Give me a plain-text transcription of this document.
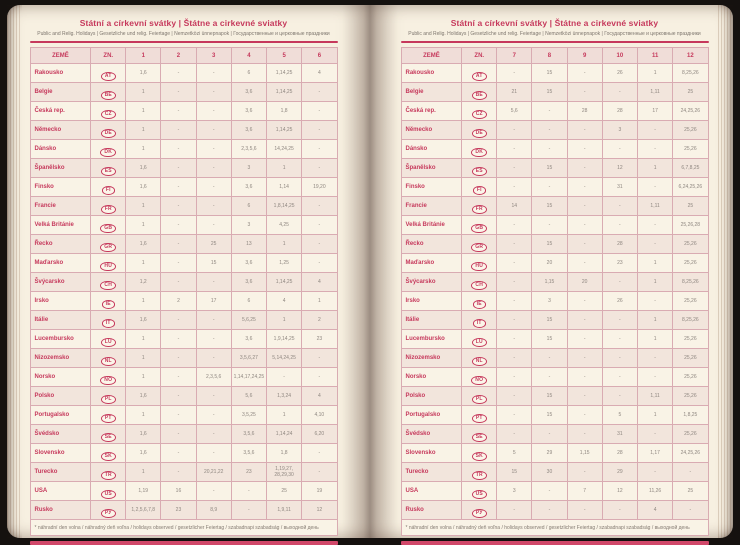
Státní a církevní svátky | Štátne a cirkevné sviatky

Public and Relig. Holidays | Gesetzliche und relig. Feiertage | Nemzetközi ünnepnapok | Государственные и церковные праздники

ZEMĚ	ZN.	1	2	3	4	5	6
Rakousko	AT	1,6	-	-	6	1,14,25	4
Belgie	BE	1	-	-	3,6	1,14,25	-
Česká rep.	CZ	1	-	-	3,6	1,8	-
Německo	DE	1	-	-	3,6	1,14,25	-
Dánsko	DK	1	-	-	2,3,5,6	14,24,25	-
Španělsko	ES	1,6	-	-	3	1	-
Finsko	FI	1,6	-	-	3,6	1,14	19,20
Francie	FR	1	-	-	6	1,8,14,25	-
Velká Británie	GB	1	-	-	3	4,25	-
Řecko	GR	1,6	-	25	13	1	-
Maďarsko	HU	1	-	15	3,6	1,25	-
Švýcarsko	CH	1,2	-	-	3,6	1,14,25	4
Irsko	IE	1	2	17	6	4	1
Itálie	IT	1,6	-	-	5,6,25	1	2
Lucembursko	LU	1	-	-	3,6	1,9,14,25	23
Nizozemsko	NL	1	-	-	3,5,6,27	5,14,24,25	-
Norsko	NO	1	-	2,3,5,6	1,14,17,24,25	-	-
Polsko	PL	1,6	-	-	5,6	1,3,24	4
Portugalsko	PT	1	-	-	3,5,25	1	4,10
Švédsko	SE	1,6	-	-	3,5,6	1,14,24	6,20
Slovensko	SK	1,6	-	-	3,5,6	1,8	-
Turecko	TR	1	-	20,21,22	23	1,19,27, 28,29,30	-
USA	US	1,19	16	-	-	25	19
Rusko	РУ	1,2,5,6,7,8	23	8,9	-	1,9,11	12
* náhradní den volna / náhradný deň voľna / holidays observed / gesetzlicher Feiertag / szabadnapi szabadság / выходной день							
Státní a církevní svátky | Štátne a cirkevné sviatky

Public and Relig. Holidays | Gesetzliche und relig. Feiertage | Nemzetközi ünnepnapok | Государственные и церковные праздники

ZEMĚ	ZN.	7	8	9	10	11	12
Rakousko	AT	-	15	-	26	1	8,25,26
Belgie	BE	21	15	-	-	1,11	25
Česká rep.	CZ	5,6	-	28	28	17	24,25,26
Německo	DE	-	-	-	3	-	25,26
Dánsko	DK	-	-	-	-	-	25,26
Španělsko	ES	-	15	-	12	1	6,7,8,25
Finsko	FI	-	-	-	31	-	6,24,25,26
Francie	FR	14	15	-	-	1,11	25
Velká Británie	GB	-	-	-	-	-	25,26,28
Řecko	GR	-	15	-	28	-	25,26
Maďarsko	HU	-	20	-	23	1	25,26
Švýcarsko	CH	-	1,15	20	-	1	8,25,26
Irsko	IE	-	3	-	26	-	25,26
Itálie	IT	-	15	-	-	1	8,25,26
Lucembursko	LU	-	15	-	-	1	25,26
Nizozemsko	NL	-	-	-	-	-	25,26
Norsko	NO	-	-	-	-	-	25,26
Polsko	PL	-	15	-	-	1,11	25,26
Portugalsko	PT	-	15	-	5	1	1,8,25
Švédsko	SE	-	-	-	31	-	25,26
Slovensko	SK	5	29	1,15	28	1,17	24,25,26
Turecko	TR	15	30	-	29	-	-
USA	US	3	-	7	12	11,26	25
Rusko	РУ	-	-	-	-	4	-
* náhradní den volna / náhradný deň voľna / holidays observed / gesetzlicher Feiertag / szabadnapi szabadság / выходной день							
